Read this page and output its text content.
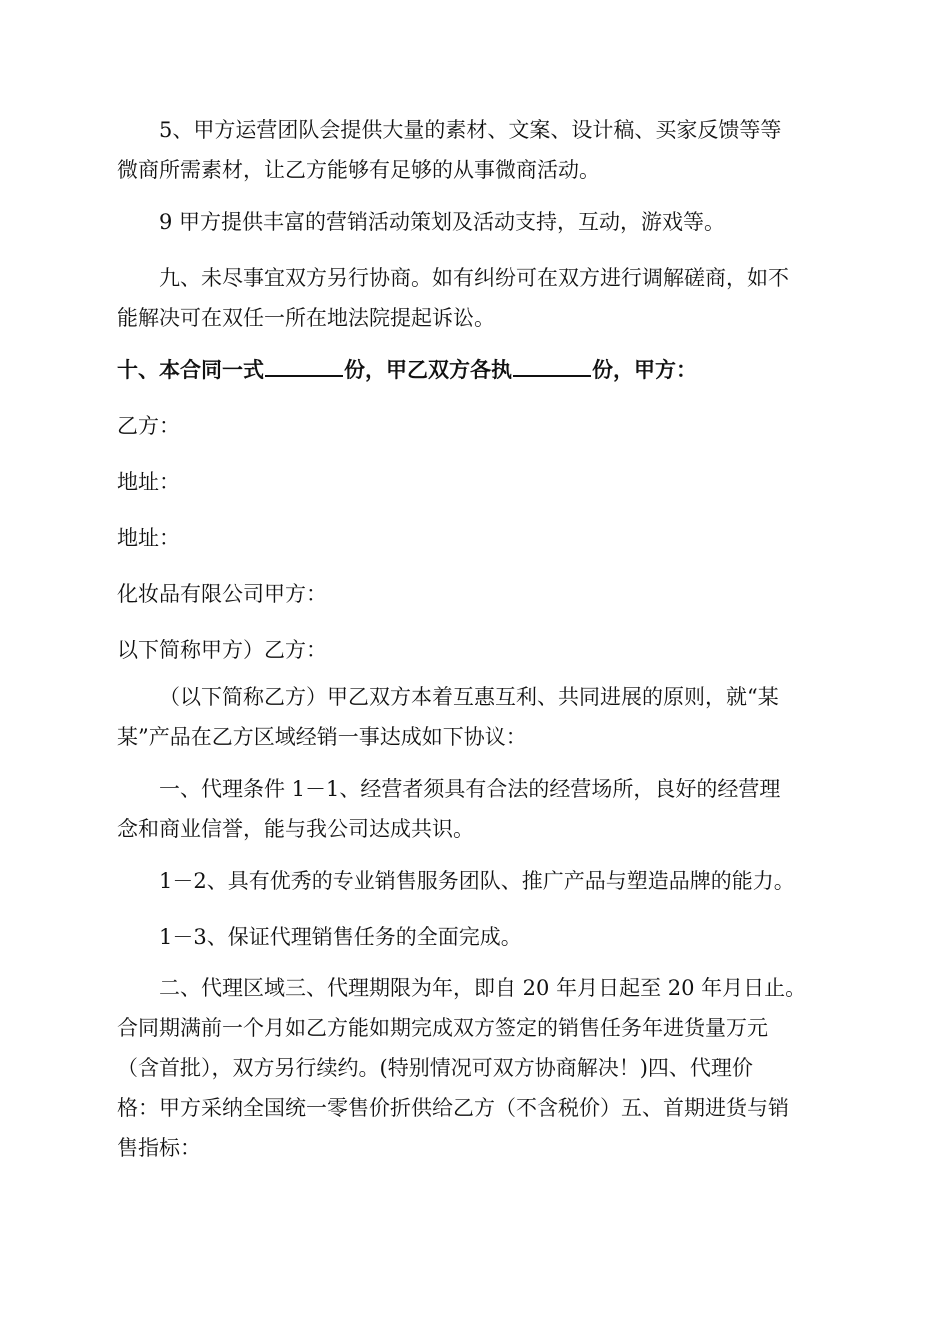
5、甲方运营团队会提供大量的素材、文案、设计稿、买家反馈等等
微商所需素材，让乙方能够有足够的从事微商活动。
9 甲方提供丰富的营销活动策划及活动支持，互动，游戏等。
九、未尽事宜双方另行协商。如有纠纷可在双方进行调解磋商，如不
能解决可在双任一所在地法院提起诉讼。
十、本合同一式	份，甲乙双方各执	份，甲方：
乙方：
地址：
地址：
化妆品有限公司甲方：
以下简称甲方）乙方：
（以下简称乙方）甲乙双方本着互惠互利、共同进展的原则，就“某
某”产品在乙方区域经销一事达成如下协议：
一、代理条件 1－1、经营者须具有合法的经营场所，良好的经营理
念和商业信誉，能与我公司达成共识。
1－2、具有优秀的专业销售服务团队、推广产品与塑造品牌的能力。
1－3、保证代理销售任务的全面完成。
二、代理区域三、代理期限为年，即自 20 年月日起至 20 年月日止。
合同期满前一个月如乙方能如期完成双方签定的销售任务年进货量万元
（含首批），双方另行续约。(特别情况可双方协商解决！)四、代理价
格：甲方采纳全国统一零售价折供给乙方（不含税价）五、首期进货与销
售指标：
